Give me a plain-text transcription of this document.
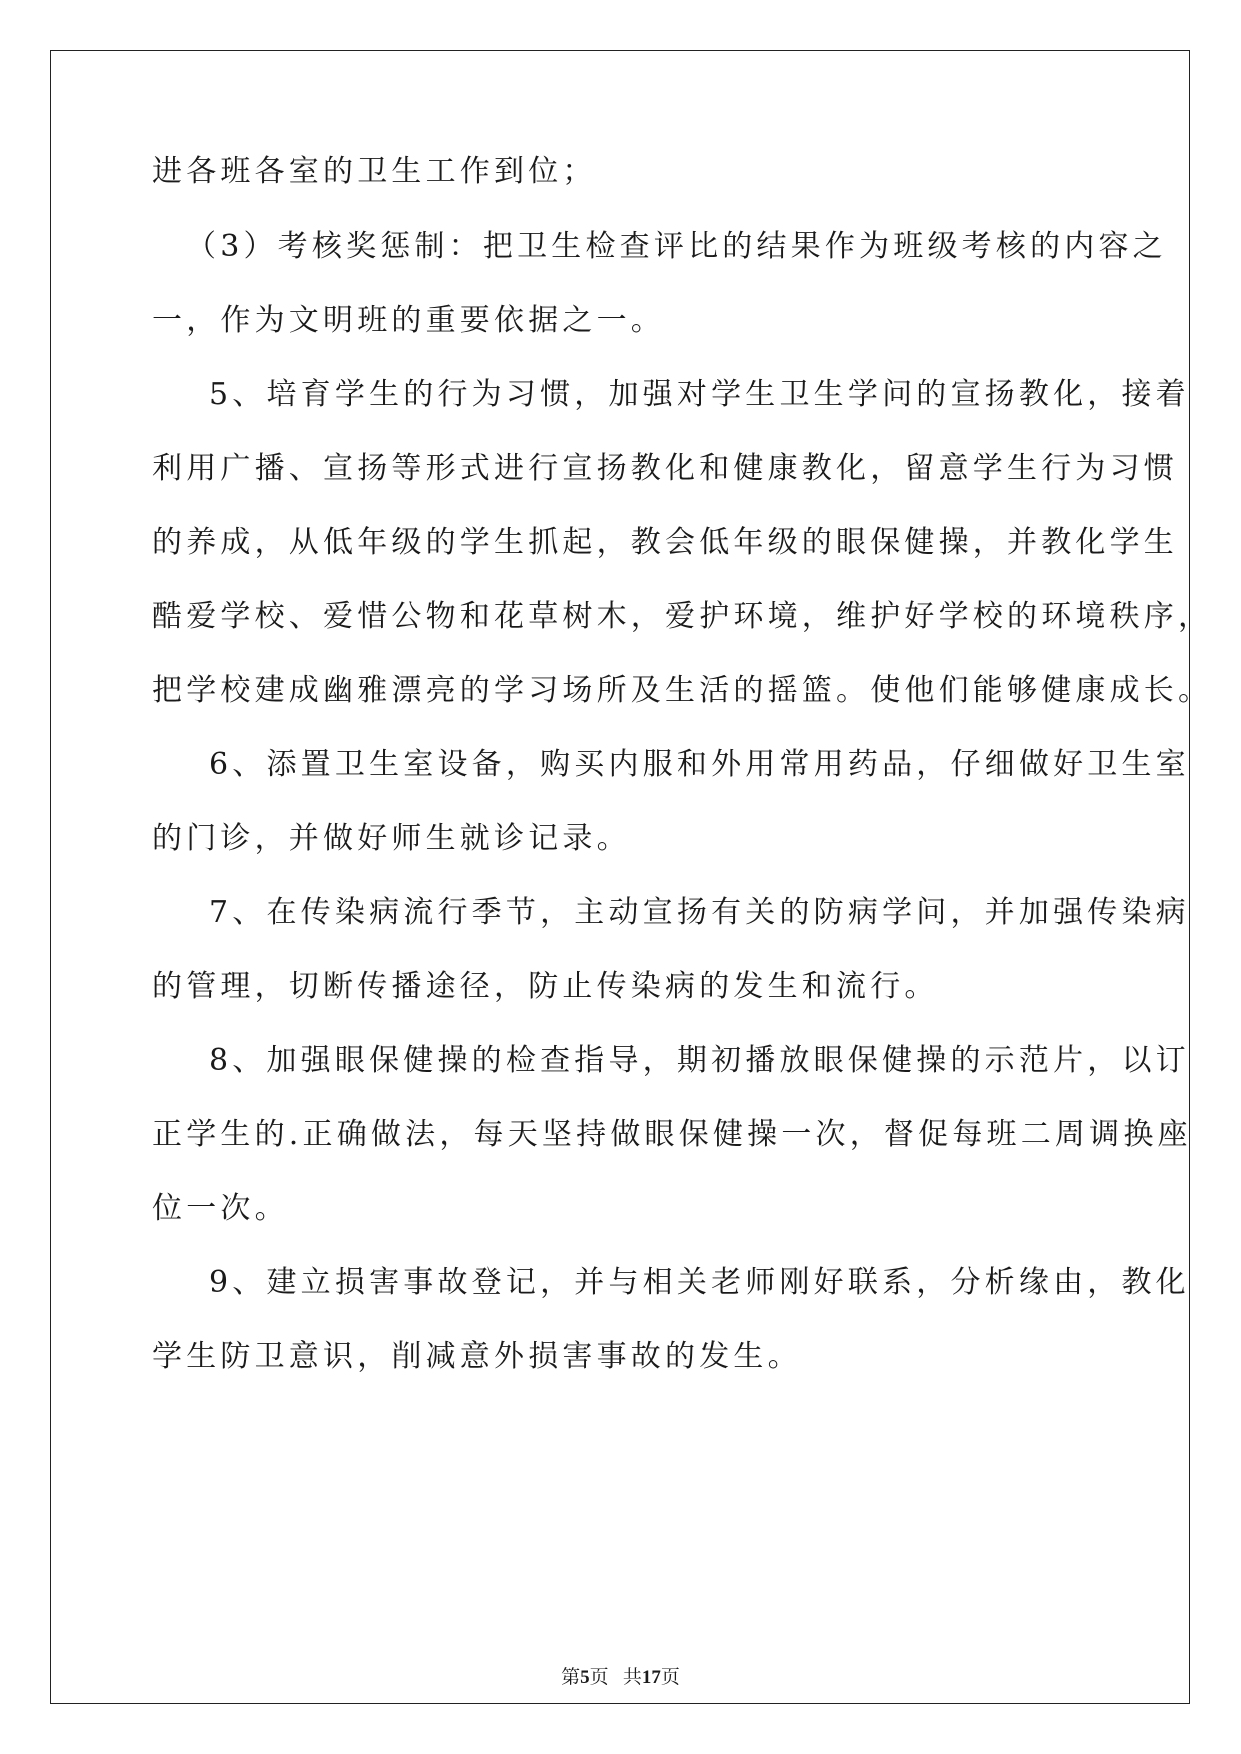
进各班各室的卫生工作到位；

（3）考核奖惩制：把卫生检查评比的结果作为班级考核的内容之

一，作为文明班的重要依据之一。

5、培育学生的行为习惯，加强对学生卫生学问的宣扬教化，接着

利用广播、宣扬等形式进行宣扬教化和健康教化，留意学生行为习惯

的养成，从低年级的学生抓起，教会低年级的眼保健操，并教化学生

酷爱学校、爱惜公物和花草树木，爱护环境，维护好学校的环境秩序，

把学校建成幽雅漂亮的学习场所及生活的摇篮。使他们能够健康成长。

6、添置卫生室设备，购买内服和外用常用药品，仔细做好卫生室

的门诊，并做好师生就诊记录。

7、在传染病流行季节，主动宣扬有关的防病学问，并加强传染病

的管理，切断传播途径，防止传染病的发生和流行。

8、加强眼保健操的检查指导，期初播放眼保健操的示范片，以订

正学生的.正确做法，每天坚持做眼保健操一次，督促每班二周调换座

位一次。

9、建立损害事故登记，并与相关老师刚好联系，分析缘由，教化

学生防卫意识，削减意外损害事故的发生。

第5页   共17页
